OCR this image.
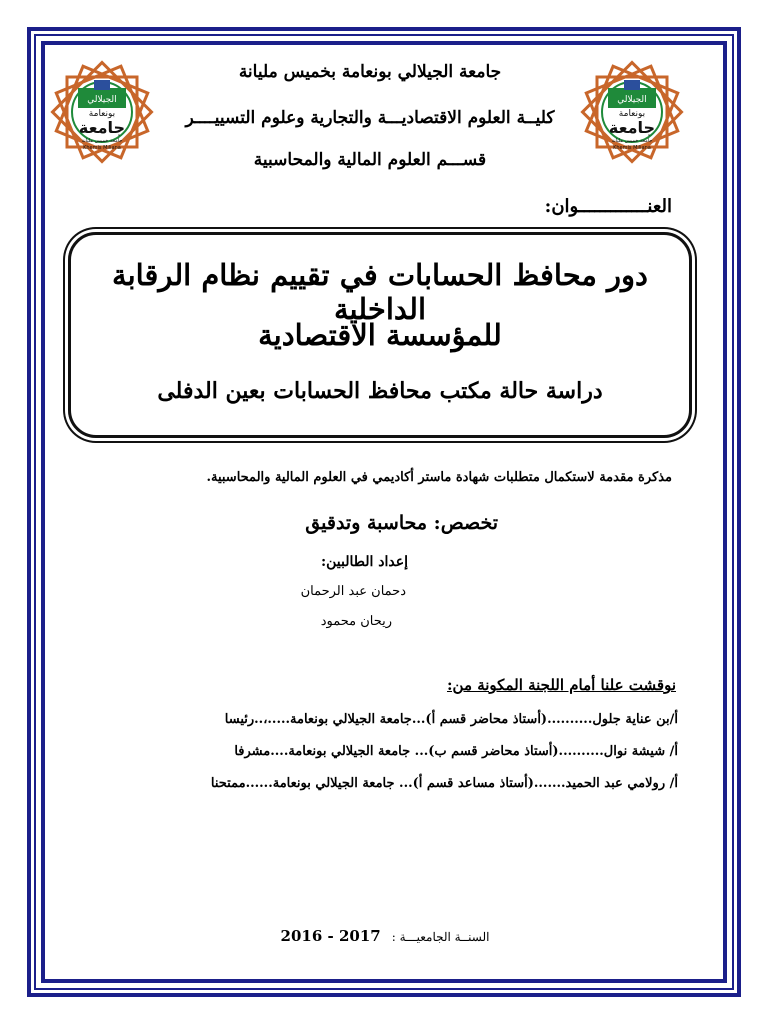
الجيلالي
بونعامة
جامعة
جامعة خميس مليانة
Khemis Miliana
الجيلالي
بونعامة
جامعة
جامعة خميس مليانة
Khemis Miliana
جامعة الجيلالي بونعامة بخميس مليانة
كليــة العلوم الاقتصاديـــة والتجارية وعلوم التسييــــر
قســـم العلوم المالية والمحاسبية
العنـــــــــــــوان:
دور محافظ الحسابات في تقييم نظام الرقابة الداخلية
للمؤسسة الاقتصادية
دراسة حالة مكتب محافظ الحسابات بعين الدفلى
مذكرة مقدمة لاستكمال متطلبات شهادة ماستر أكاديمي في العلوم المالية والمحاسبية.
تخصص: محاسبة وتدقيق
إعداد الطالبين:
دحمان عبد الرحمان
ريحان محمود
نوقشت علنا أمام اللجنة المكونة من:
أ/بن عناية جلول..........(أستاذ محاضر قسم أ)...جامعة الجيلالي بونعامة.....،..رئيسا
أ/ شيشة نوال..........(أستاذ محاضر قسم ب)... جامعة الجيلالي بونعامة....مشرفا
أ/ رولامي عبد الحميد.......(أستاذ مساعد قسم أ)... جامعة الجيلالي بونعامة......ممتحنا
2016 - 2017 السنــة الجامعيـــة :
